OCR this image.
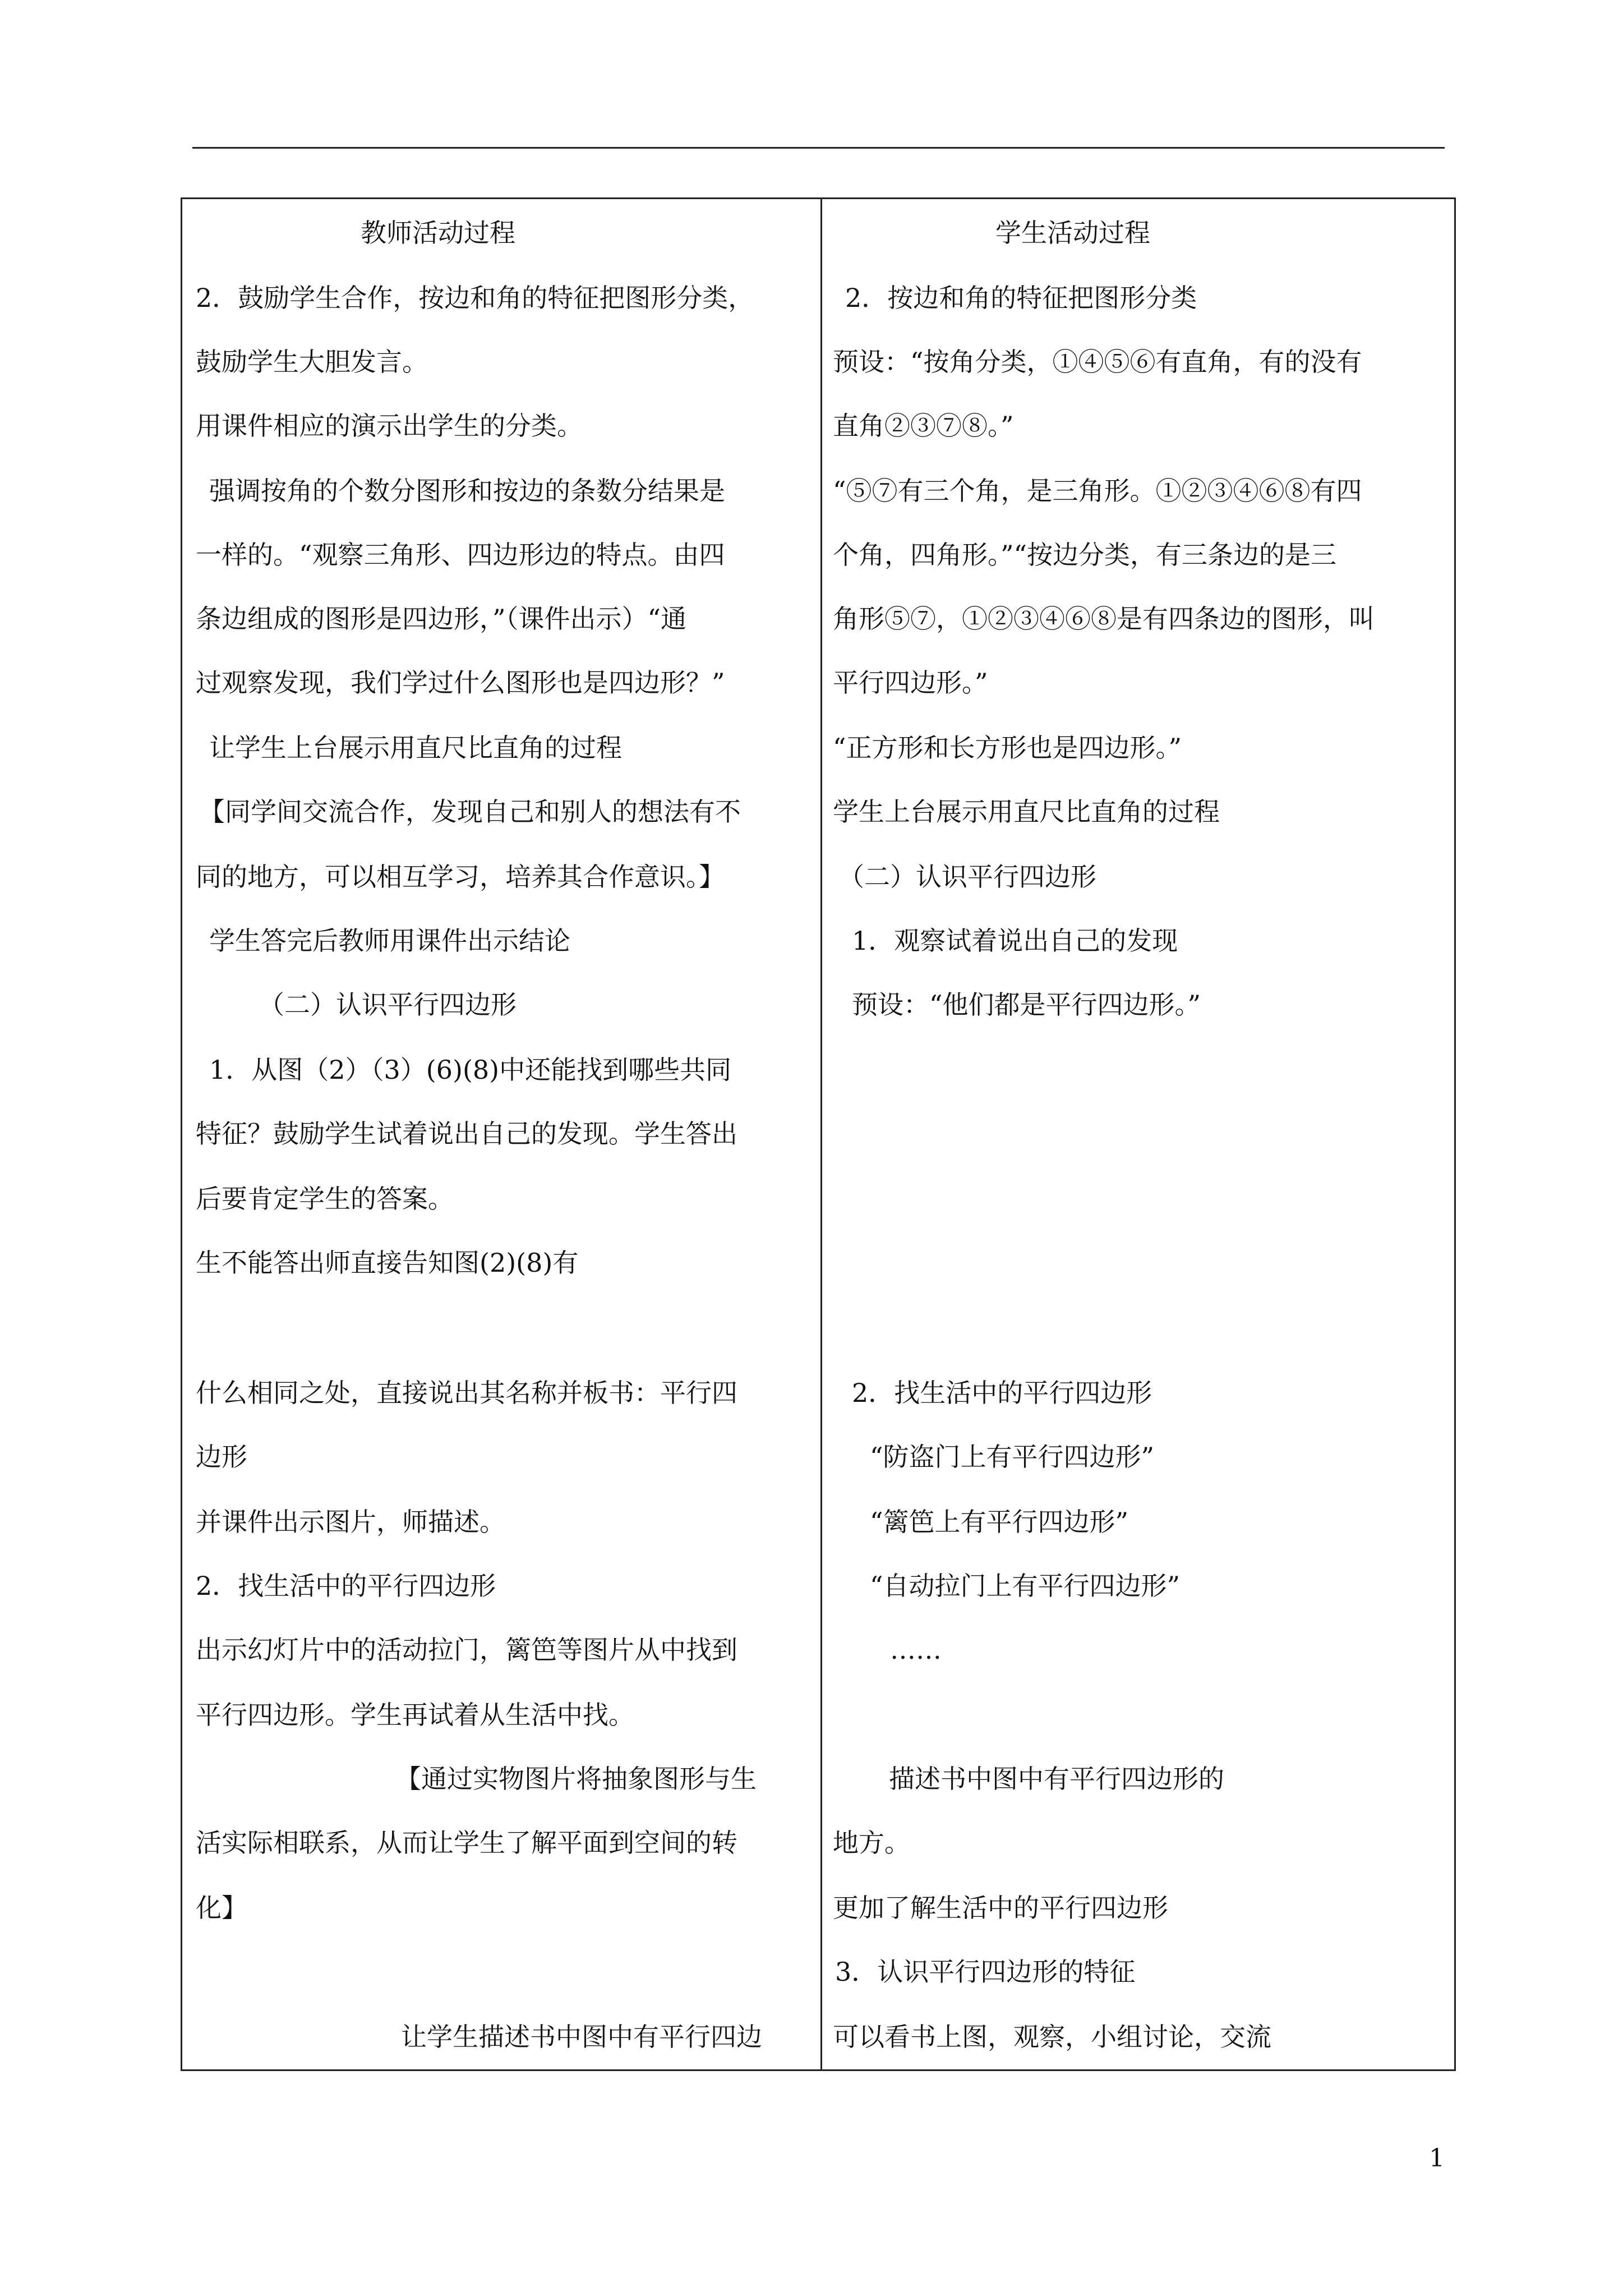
教师活动过程	学生活动过程
2．鼓励学生合作，按边和角的特征把图形分类，
鼓励学生大胆发言。
用课件相应的演示出学生的分类。
强调按角的个数分图形和按边的条数分结果是
一样的。“观察三角形、四边形边的特点。由四
条边组成的图形是四边形，”（课件出示）“通
过观察发现，我们学过什么图形也是四边形？”
让学生上台展示用直尺比直角的过程
【同学间交流合作，发现自己和别人的想法有不
同的地方，可以相互学习，培养其合作意识。】
学生答完后教师用课件出示结论
（二）认识平行四边形
1．从图（2）（3）(6)(8)中还能找到哪些共同
特征？鼓励学生试着说出自己的发现。学生答出
后要肯定学生的答案。
生不能答出师直接告知图(2)(8)有
什么相同之处，直接说出其名称并板书：平行四
边形
并课件出示图片，师描述。
2．找生活中的平行四边形
出示幻灯片中的活动拉门，篱笆等图片从中找到
平行四边形。学生再试着从生活中找。
【通过实物图片将抽象图形与生
活实际相联系，从而让学生了解平面到空间的转
化】
让学生描述书中图中有平行四边
2．按边和角的特征把图形分类
预设：“按角分类，①④⑤⑥有直角，有的没有
直角②③⑦⑧。”
“⑤⑦有三个角，是三角形。①②③④⑥⑧有四
个角，四角形。”“按边分类，有三条边的是三
角形⑤⑦，①②③④⑥⑧是有四条边的图形，叫
平行四边形。”
“正方形和长方形也是四边形。”
学生上台展示用直尺比直角的过程
（二）认识平行四边形
1．观察试着说出自己的发现
预设：“他们都是平行四边形。”
2．找生活中的平行四边形
“防盗门上有平行四边形”
“篱笆上有平行四边形”
“自动拉门上有平行四边形”
……
描述书中图中有平行四边形的
地方。
更加了解生活中的平行四边形
3．认识平行四边形的特征
可以看书上图，观察，小组讨论，交流
1
